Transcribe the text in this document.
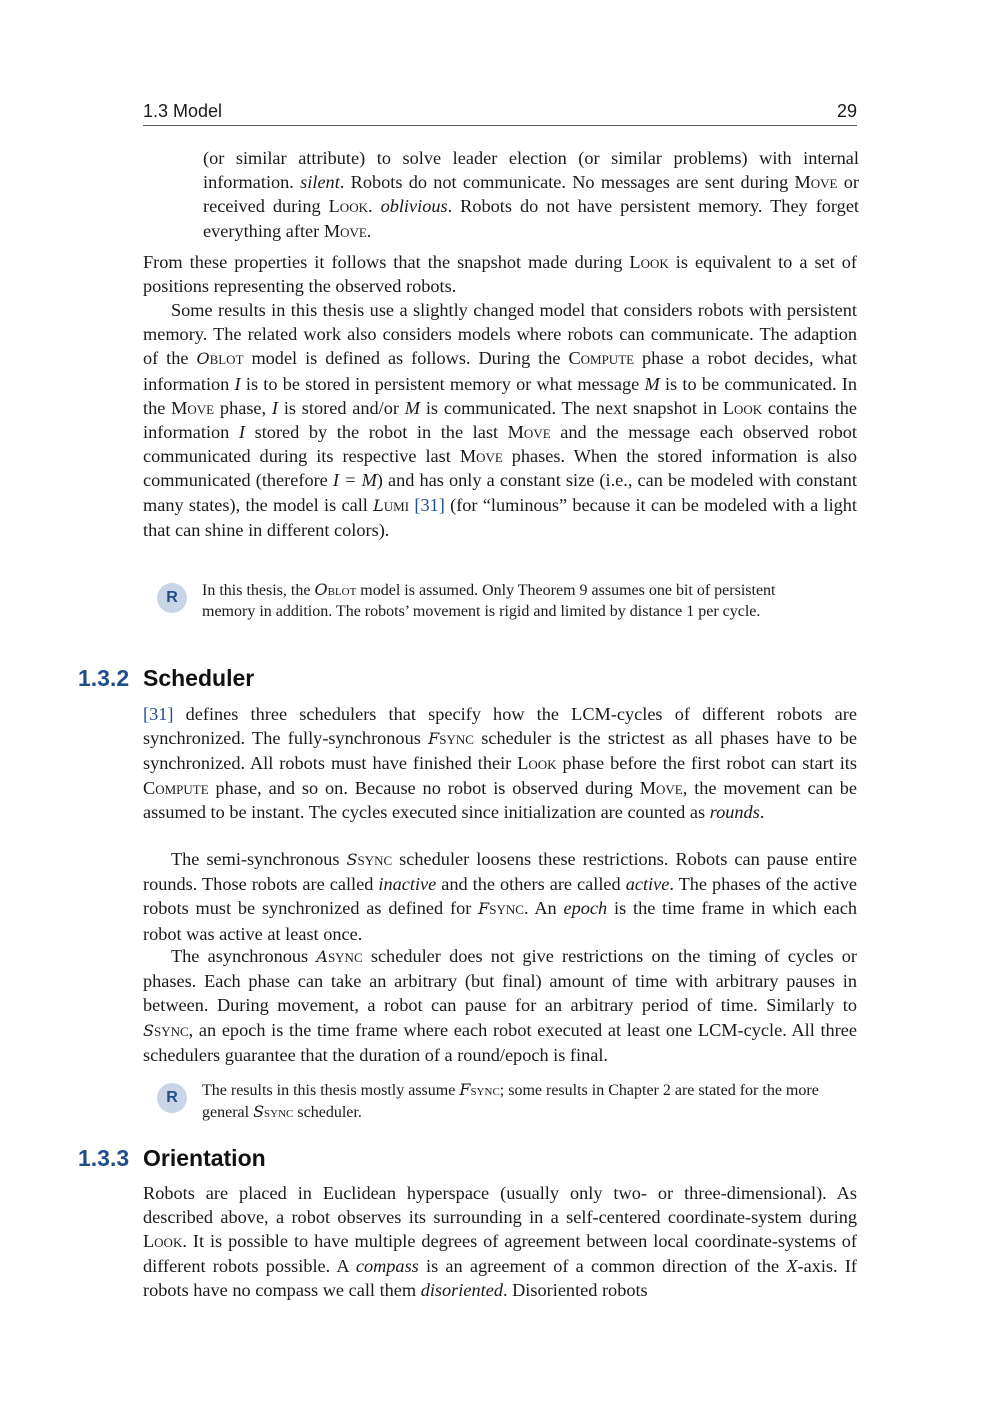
1.3 Model	29

(or similar attribute) to solve leader election (or similar problems) with internal information. silent. Robots do not communicate. No messages are sent during Move or received during Look. oblivious. Robots do not have persistent memory. They forget everything after Move.

From these properties it follows that the snapshot made during Look is equivalent to a set of positions representing the observed robots.

Some results in this thesis use a slightly changed model that considers robots with persistent memory. The related work also considers models where robots can communicate. The adaption of the Oblot model is defined as follows. During the Compute phase a robot decides, what information I is to be stored in persistent memory or what message M is to be communicated. In the Move phase, I is stored and/or M is communicated. The next snapshot in Look contains the information I stored by the robot in the last Move and the message each observed robot communicated during its respective last Move phases. When the stored information is also communicated (therefore I = M) and has only a constant size (i.e., can be modeled with constant many states), the model is call Lumi [31] (for “luminous” because it can be modeled with a light that can shine in different colors).

R	In this thesis, the Oblot model is assumed. Only Theorem 9 assumes one bit of persistent memory in addition. The robots’ movement is rigid and limited by distance 1 per cycle.
1.3.2 Scheduler

[31] defines three schedulers that specify how the LCM-cycles of different robots are synchronized. The fully-synchronous Fsync scheduler is the strictest as all phases have to be synchronized. All robots must have finished their Look phase before the first robot can start its Compute phase, and so on. Because no robot is observed during Move, the movement can be assumed to be instant. The cycles executed since initialization are counted as rounds.

The semi-synchronous Ssync scheduler loosens these restrictions. Robots can pause entire rounds. Those robots are called inactive and the others are called active. The phases of the active robots must be synchronized as defined for Fsync. An epoch is the time frame in which each robot was active at least once.

The asynchronous Async scheduler does not give restrictions on the timing of cycles or phases. Each phase can take an arbitrary (but final) amount of time with arbitrary pauses in between. During movement, a robot can pause for an arbitrary period of time. Similarly to Ssync, an epoch is the time frame where each robot executed at least one LCM-cycle. All three schedulers guarantee that the duration of a round/epoch is final.

R	The results in this thesis mostly assume Fsync; some results in Chapter 2 are stated for the more general Ssync scheduler.
1.3.3 Orientation

Robots are placed in Euclidean hyperspace (usually only two- or three-dimensional). As described above, a robot observes its surrounding in a self-centered coordinate-system during Look. It is possible to have multiple degrees of agreement between local coordinate-systems of different robots possible. A compass is an agreement of a common direction of the X-axis. If robots have no compass we call them disoriented. Disoriented robots
